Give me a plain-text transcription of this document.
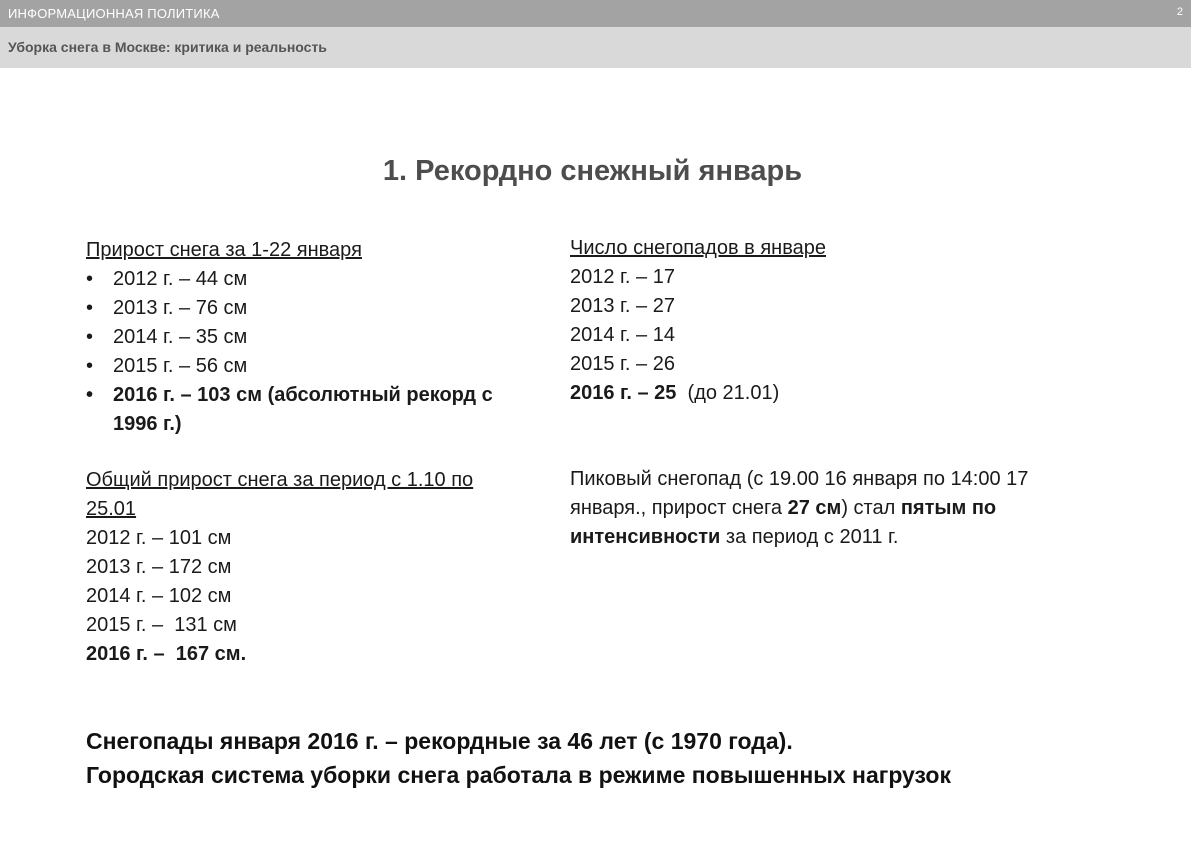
ИНФОРМАЦИОННАЯ ПОЛИТИКА	2
Уборка снега в Москве: критика и реальность
1. Рекордно снежный январь
Прирост снега за 1-22 января
• 2012 г. – 44 см
• 2013 г. – 76 см
• 2014 г. – 35 см
• 2015 г. – 56 см
• 2016 г. – 103 см (абсолютный рекорд с 1996 г.)
Число снегопадов в январе
2012 г. – 17
2013 г. – 27
2014 г. – 14
2015 г. – 26
2016 г. – 25  (до 21.01)
Общий прирост снега за период с 1.10 по 25.01
2012 г. – 101 см
2013 г. – 172 см
2014 г. – 102 см
2015 г. –  131 см
2016 г. –  167 см.
Пиковый снегопад (с 19.00 16 января по 14:00 17 января., прирост снега 27 см) стал пятым по интенсивности за период с 2011 г.
Снегопады января 2016 г. – рекордные за 46 лет (с 1970 года).
Городская система уборки снега работала в режиме повышенных нагрузок
